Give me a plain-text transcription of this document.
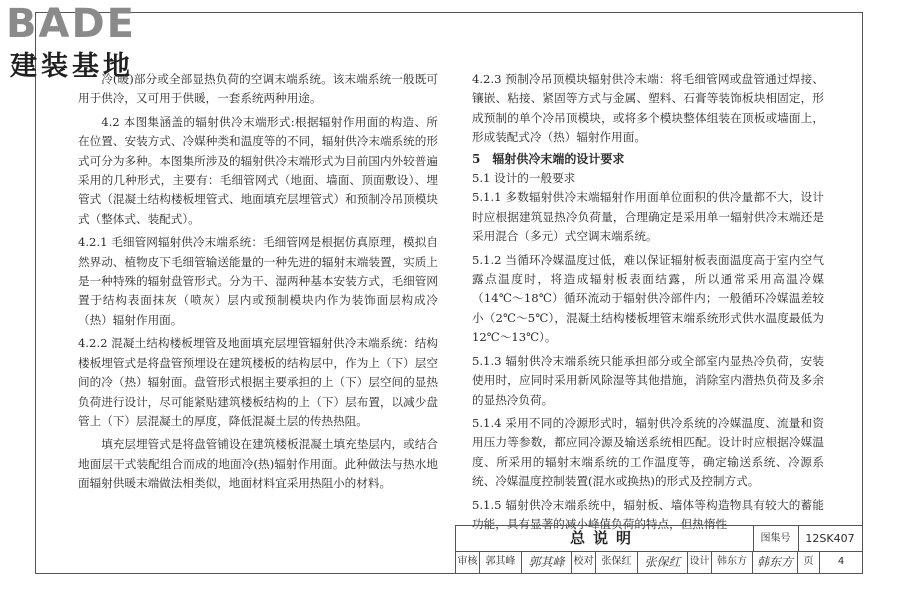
BADE
建装基地

冷(暖)部分或全部显热负荷的空调末端系统。该末端系统一般既可用于供冷，又可用于供暖，一套系统两种用途。

4.2 本图集涵盖的辐射供冷末端形式:根据辐射作用面的构造、所在位置、安装方式、冷媒种类和温度等的不同，辐射供冷末端系统的形式可分为多种。本图集所涉及的辐射供冷末端形式为目前国内外较普遍采用的几种形式，主要有：毛细管网式（地面、墙面、顶面敷设）、埋管式（混凝土结构楼板埋管式、地面填充层埋管式）和预制冷吊顶模块式（整体式、装配式）。

4.2.1 毛细管网辐射供冷末端系统：毛细管网是根据仿真原理，模拟自然界动、植物皮下毛细管输送能量的一种先进的辐射末端装置，实质上是一种特殊的辐射盘管形式。分为干、湿两种基本安装方式，毛细管网置于结构表面抹灰（喷灰）层内或预制模块内作为装饰面层构成冷（热）辐射作用面。

4.2.2 混凝土结构楼板埋管及地面填充层埋管辐射供冷末端系统：结构楼板埋管式是将盘管预埋设在建筑楼板的结构层中，作为上（下）层空间的冷（热）辐射面。盘管形式根据主要承担的上（下）层空间的显热负荷进行设计，尽可能紧贴建筑楼板结构的上（下）层布置，以减少盘管上（下）层混凝土的厚度，降低混凝土层的传热热阻。

填充层埋管式是将盘管铺设在建筑楼板混凝土填充垫层内，或结合地面层干式装配组合而成的地面冷(热)辐射作用面。此种做法与热水地面辐射供暖末端做法相类似，地面材料宜采用热阻小的材料。

4.2.3 预制冷吊顶模块辐射供冷末端：将毛细管网或盘管通过焊接、镶嵌、粘接、紧固等方式与金属、塑料、石膏等装饰板块相固定，形成预制的单个冷吊顶模块，或将多个模块整体组装在顶板或墙面上，形成装配式冷（热）辐射作用面。

5　辐射供冷末端的设计要求

5.1 设计的一般要求

5.1.1 多数辐射供冷末端辐射作用面单位面积的供冷量都不大，设计时应根据建筑显热冷负荷量，合理确定是采用单一辐射供冷末端还是采用混合（多元）式空调末端系统。

5.1.2 当循环冷媒温度过低，难以保证辐射板表面温度高于室内空气露点温度时，将造成辐射板表面结露，所以通常采用高温冷媒（14℃～18℃）循环流动于辐射供冷部件内；一般循环冷媒温差较小（2℃～5℃），混凝土结构楼板埋管末端系统形式供水温度最低为12℃～13℃）。

5.1.3 辐射供冷末端系统只能承担部分或全部室内显热冷负荷，安装使用时，应同时采用新风除湿等其他措施，消除室内潜热负荷及多余的显热冷负荷。

5.1.4 采用不同的冷源形式时，辐射供冷系统的冷媒温度、流量和资用压力等参数，都应同冷源及输送系统相匹配。设计时应根据冷媒温度、所采用的辐射末端系统的工作温度等，确定输送系统、冷源系统、冷媒温度控制装置(混水或换热)的形式及控制方式。

5.1.5 辐射供冷末端系统中，辐射板、墙体等构造物具有较大的蓄能功能，具有显著的减小峰值负荷的特点，但热惰性

总说明	图集号	12SK407
审核 郭其峰	郭其峰 校对 张保红	张保红 设计 韩东方 韩东方	页	4
